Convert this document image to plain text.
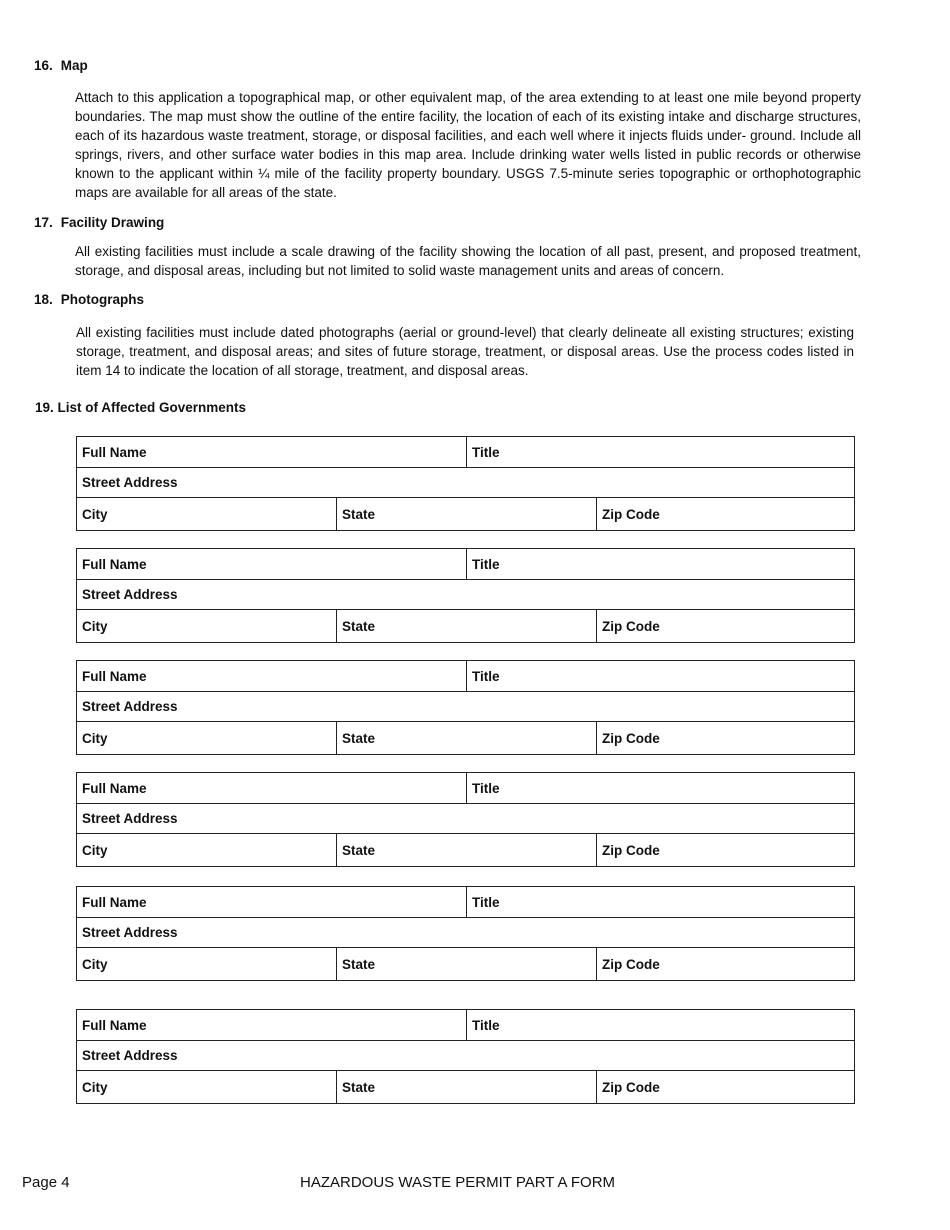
16. Map

Attach to this application a topographical map, or other equivalent map, of the area extending to at least one mile beyond property boundaries. The map must show the outline of the entire facility, the location of each of its existing intake and discharge structures, each of its hazardous waste treatment, storage, or disposal facilities, and each well where it injects fluids under- ground. Include all springs, rivers, and other surface water bodies in this map area. Include drinking water wells listed in public records or otherwise known to the applicant within ¼ mile of the facility property boundary. USGS 7.5-minute series topographic or orthophotographic maps are available for all areas of the state.

17. Facility Drawing

All existing facilities must include a scale drawing of the facility showing the location of all past, present, and proposed treatment, storage, and disposal areas, including but not limited to solid waste management units and areas of concern.

18. Photographs

All existing facilities must include dated photographs (aerial or ground-level) that clearly delineate all existing structures; existing storage, treatment, and disposal areas; and sites of future storage, treatment, or disposal areas. Use the process codes listed in item 14 to indicate the location of all storage, treatment, and disposal areas.

19. List of Affected Governments
Full Name	Title
Street Address
City	State	Zip Code
Full Name	Title
Street Address
City	State	Zip Code
Full Name	Title
Street Address
City	State	Zip Code
Full Name	Title
Street Address
City	State	Zip Code
Full Name	Title
Street Address
City	State	Zip Code
Full Name	Title
Street Address
City	State	Zip Code
Page 4	HAZARDOUS WASTE PERMIT PART A FORM
